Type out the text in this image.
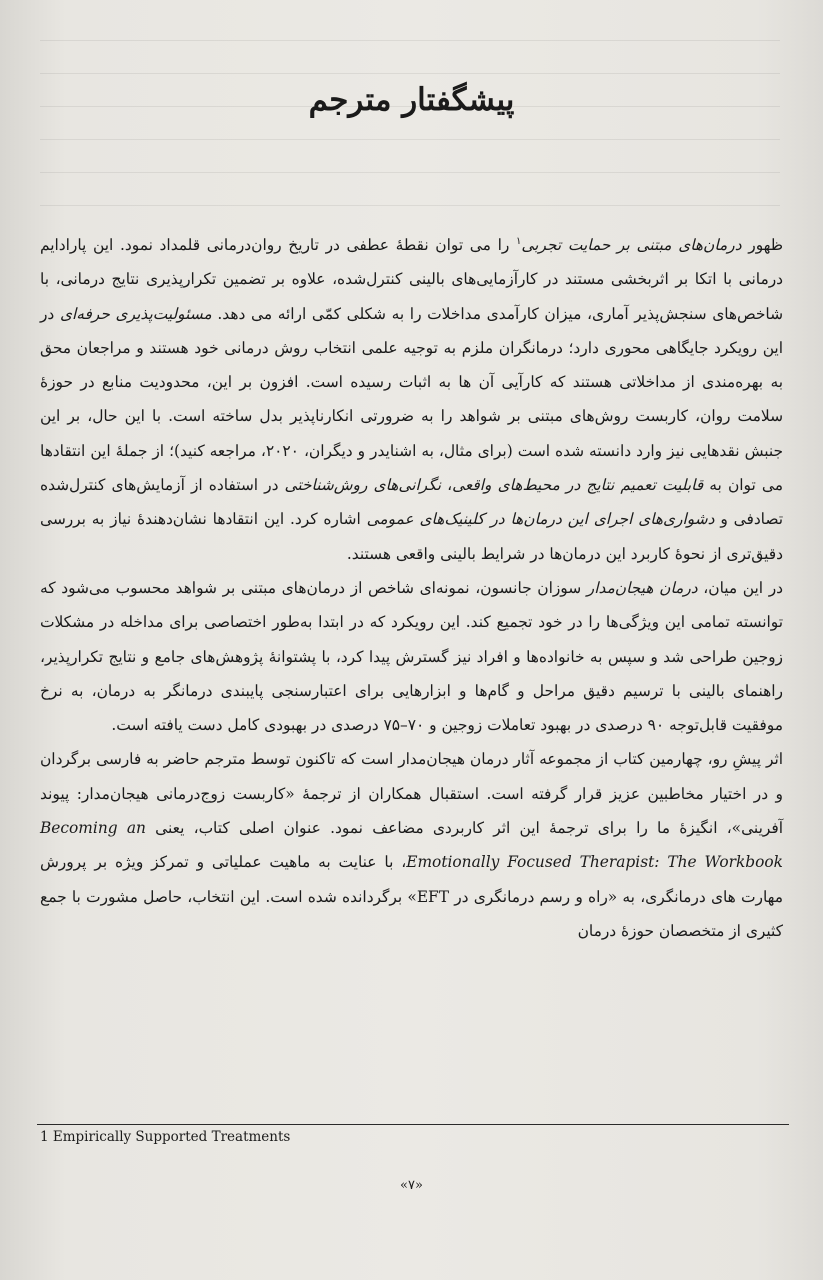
پیشگفتار مترجم

ظهور درمان‌های مبتنی بر حمایت تجربی$^۱$ را می توان نقطهٔ عطفی در تاریخ روان‌درمانی قلمداد نمود. این پارادایم درمانی با اتکا بر اثربخشی مستند در کارآزمایی‌های بالینی کنترل‌شده، علاوه بر تضمین تکرارپذیری نتایج درمانی، با شاخص‌های سنجش‌پذیر آماری، میزان کارآمدی مداخلات را به شکلی کمّی ارائه می دهد. مسئولیت‌پذیری حرفه‌ای در این رویکرد جایگاهی محوری دارد؛ درمانگران ملزم به توجیه علمی انتخاب روش درمانی خود هستند و مراجعان محق به بهره‌مندی از مداخلاتی هستند که کارآیی آن ها به اثبات رسیده است. افزون بر این، محدودیت منابع در حوزهٔ سلامت روان، کاربست روش‌های مبتنی بر شواهد را به ضرورتی انکارناپذیر بدل ساخته است. با این حال، بر این جنبش نقدهایی نیز وارد دانسته شده است (برای مثال، به اشنایدر و دیگران، ۲۰۲۰، مراجعه کنید)؛ از جملهٔ این انتقادها می توان به قابلیت تعمیم نتایج در محیط‌های واقعی، نگرانی‌های روش‌شناختی در استفاده از آزمایش‌های کنترل‌شده تصادفی و دشواری‌های اجرای این درمان‌ها در کلینیک‌های عمومی اشاره کرد. این انتقادها نشان‌دهندهٔ نیاز به بررسی دقیق‌تری از نحوهٔ کاربرد این درمان‌ها در شرایط بالینی واقعی هستند.

در این میان، درمان هیجان‌مدار سوزان جانسون، نمونه‌ای شاخص از درمان‌های مبتنی بر شواهد محسوب می‌شود که توانسته تمامی این ویژگی‌ها را در خود تجمیع کند. این رویکرد که در ابتدا به‌طور اختصاصی برای مداخله در مشکلات زوجین طراحی شد و سپس به خانواده‌ها و افراد نیز گسترش پیدا کرد، با پشتوانهٔ پژوهش‌های جامع و نتایج تکرارپذیر، راهنمای بالینی با ترسیم دقیق مراحل و گام‌ها و ابزارهایی برای اعتبارسنجی پایبندی درمانگر به درمان، به نرخ موفقیت قابل‌توجه ۹۰ درصدی در بهبود تعاملات زوجین و ۷۰–۷۵ درصدی در بهبودی کامل دست یافته است.

اثر پیشِ رو، چهارمین کتاب از مجموعه آثار درمان هیجان‌مدار است که تاکنون توسط مترجم حاضر به فارسی برگردان و در اختیار مخاطبین عزیز قرار گرفته است. استقبال همکاران از ترجمهٔ «کاربست زوج‌درمانی هیجان‌مدار: پیوند آفرینی»، انگیزهٔ ما را برای ترجمهٔ این اثر کاربردی مضاعف نمود. عنوان اصلی کتاب، یعنی Becoming an Emotionally Focused Therapist: The Workbook، با عنایت به ماهیت عملیاتی و تمرکز ویژه بر پرورش مهارت های درمانگری، به «راه و رسم درمانگری در EFT» برگردانده شده است. این انتخاب، حاصل مشورت با جمع کثیری از متخصصان حوزهٔ درمان

1 Empirically Supported Treatments
«۷»
